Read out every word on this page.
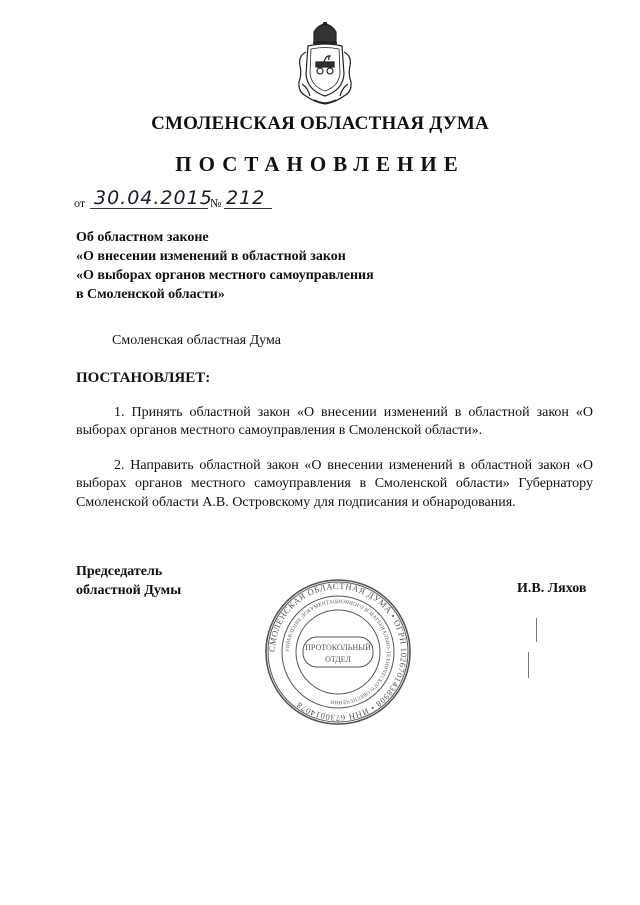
СМОЛЕНСКАЯ ОБЛАСТНАЯ ДУМА
ПОСТАНОВЛЕНИЕ
от 30.04.2015
№ 212
Об областном законе
«О внесении изменений в областной закон
«О выборах органов местного самоуправления
в Смоленской области»
Смоленская областная Дума
ПОСТАНОВЛЯЕТ:
1. Принять областной закон «О внесении изменений в областной закон «О выборах органов местного самоуправления в Смоленской области».
2. Направить областной закон «О внесении изменений в областной закон «О выборах органов местного самоуправления в Смоленской области» Губернатору Смоленской области А.В. Островскому для подписания и обнародования.
Председатель
областной Думы	И.В. Ляхов
СМОЛЕНСКАЯ ОБЛАСТНАЯ ДУМА • ОГРН 1026701438908 • ИНН 6730014078
УПРАВЛЕНИЕ ДОКУМЕНТАЦИОННОГО И МАТЕРИАЛЬНО-ТЕХНИЧЕСКОГО ОБЕСПЕЧЕНИЯ
ПРОТОКОЛЬНЫЙ
ОТДЕЛ
